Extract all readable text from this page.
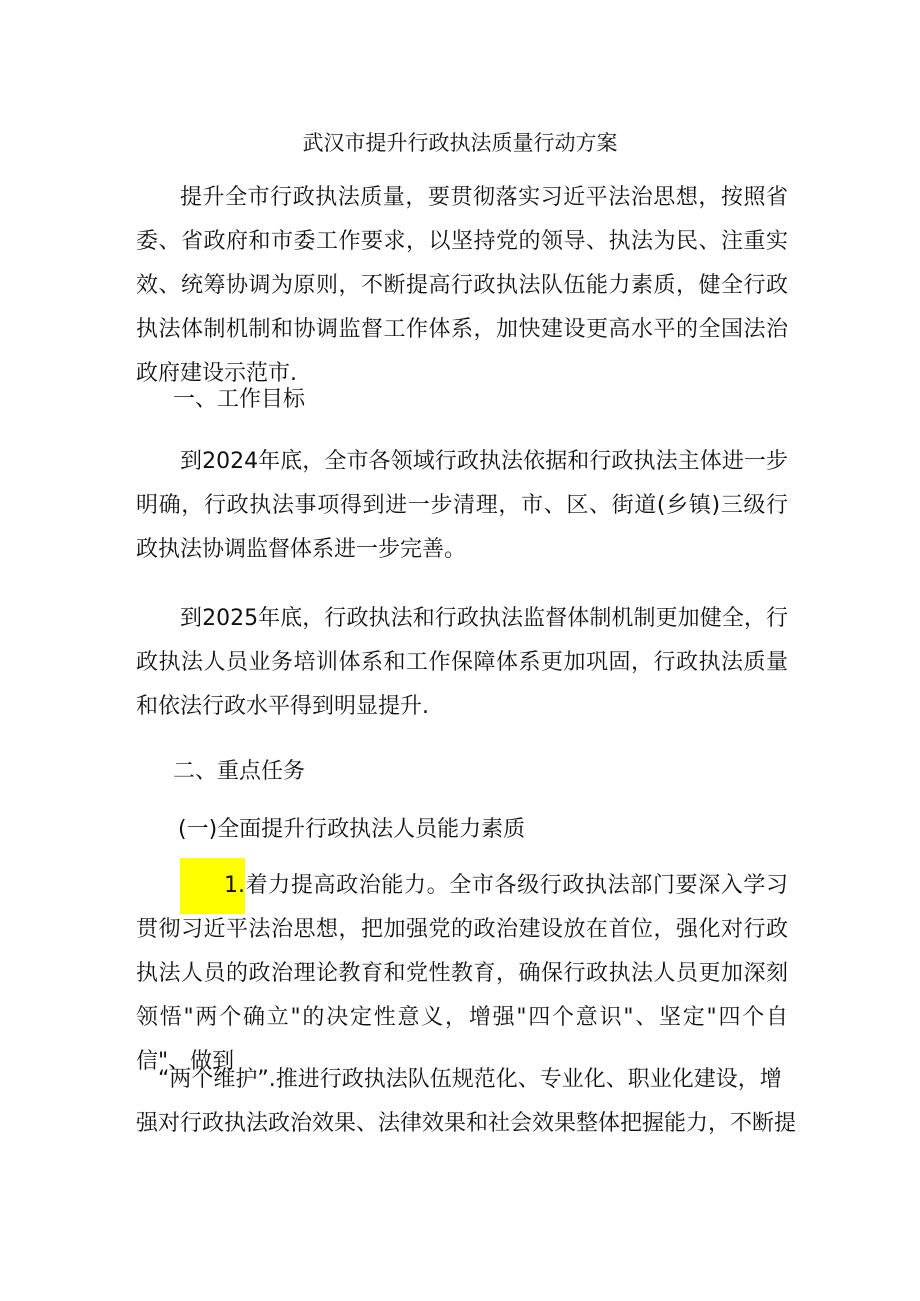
武汉市提升行政执法质量行动方案

提升全市行政执法质量，要贯彻落实习近平法治思想，按照省委、省政府和市委工作要求，以坚持党的领导、执法为民、注重实效、统筹协调为原则，不断提高行政执法队伍能力素质，健全行政执法体制机制和协调监督工作体系，加快建设更高水平的全国法治政府建设示范市.

一、工作目标

到2024年底，全市各领域行政执法依据和行政执法主体进一步明确，行政执法事项得到进一步清理，市、区、街道(乡镇)三级行政执法协调监督体系进一步完善。

到2025年底，行政执法和行政执法监督体制机制更加健全，行政执法人员业务培训体系和工作保障体系更加巩固，行政执法质量和依法行政水平得到明显提升.

二、重点任务

(一)全面提升行政执法人员能力素质

1.着力提高政治能力。全市各级行政执法部门要深入学习贯彻习近平法治思想，把加强党的政治建设放在首位，强化对行政执法人员的政治理论教育和党性教育，确保行政执法人员更加深刻领悟"两个确立"的决定性意义，增强"四个意识"、坚定"四个自信"、做到

“两个维护”.推进行政执法队伍规范化、专业化、职业化建设，增

强对行政执法政治效果、法律效果和社会效果整体把握能力，不断提
